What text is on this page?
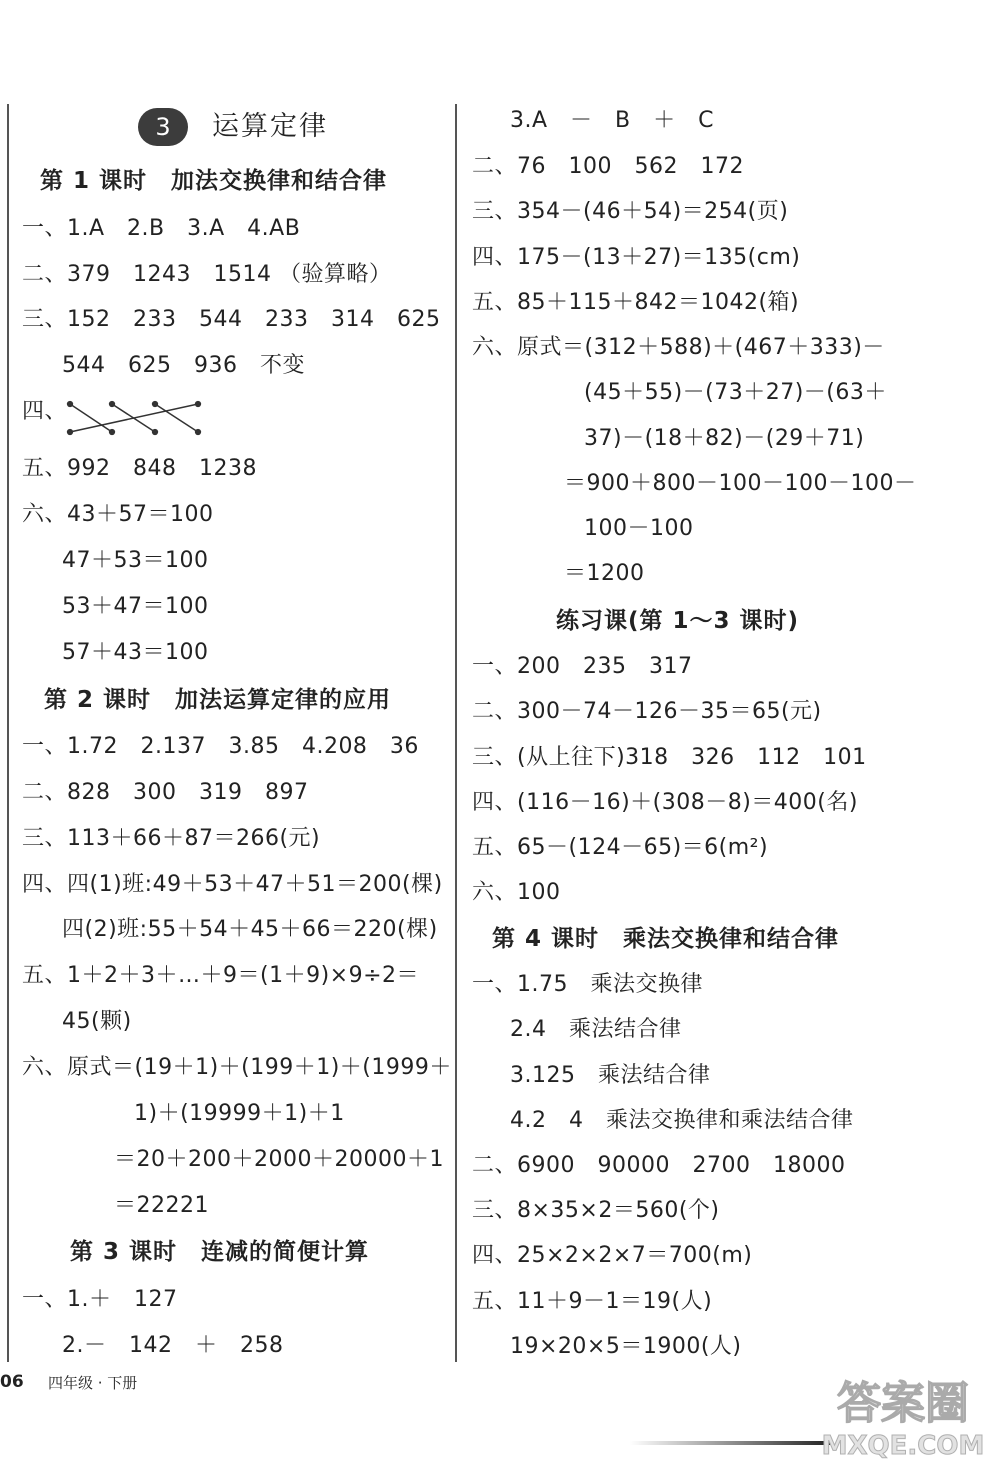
3	运算定律
第 1 课时　加法交换律和结合律
一、1.A　2.B　3.A　4.AB
二、379　1243　1514 （验算略）
三、152　233　544　233　314　625
544　625　936　不变
四、
五、992　848　1238
六、43＋57＝100
47＋53＝100
53＋47＝100
57＋43＝100
第 2 课时　加法运算定律的应用
一、1.72　2.137　3.85　4.208　36
二、828　300　319　897
三、113＋66＋87＝266(元)
四、四(1)班:49＋53＋47＋51＝200(棵)
四(2)班:55＋54＋45＋66＝220(棵)
五、1＋2＋3＋…＋9＝(1＋9)×9÷2＝
45(颗)
六、原式＝(19＋1)＋(199＋1)＋(1999＋
1)＋(19999＋1)＋1
＝20＋200＋2000＋20000＋1
＝22221
第 3 课时　连减的简便计算
一、1.＋　127
2.－　142　＋　258
3.A　－　B　＋　C
二、76　100　562　172
三、354－(46＋54)＝254(页)
四、175－(13＋27)＝135(cm)
五、85＋115＋842＝1042(箱)
六、原式＝(312＋588)＋(467＋333)－
(45＋55)－(73＋27)－(63＋
37)－(18＋82)－(29＋71)
＝900＋800－100－100－100－
100－100
＝1200
练习课(第 1～3 课时)
一、200　235　317
二、300－74－126－35＝65(元)
三、(从上往下)318　326　112　101
四、(116－16)＋(308－8)＝400(名)
五、65－(124－65)＝6(m²)
六、100
第 4 课时　乘法交换律和结合律
一、1.75　乘法交换律
2.4　乘法结合律
3.125　乘法结合律
4.2　4　乘法交换律和乘法结合律
二、6900　90000　2700　18000
三、8×35×2＝560(个)
四、25×2×2×7＝700(m)
五、11＋9－1＝19(人)
19×20×5＝1900(人)
06 四年级 · 下册	答案圈
MXQE.COM
